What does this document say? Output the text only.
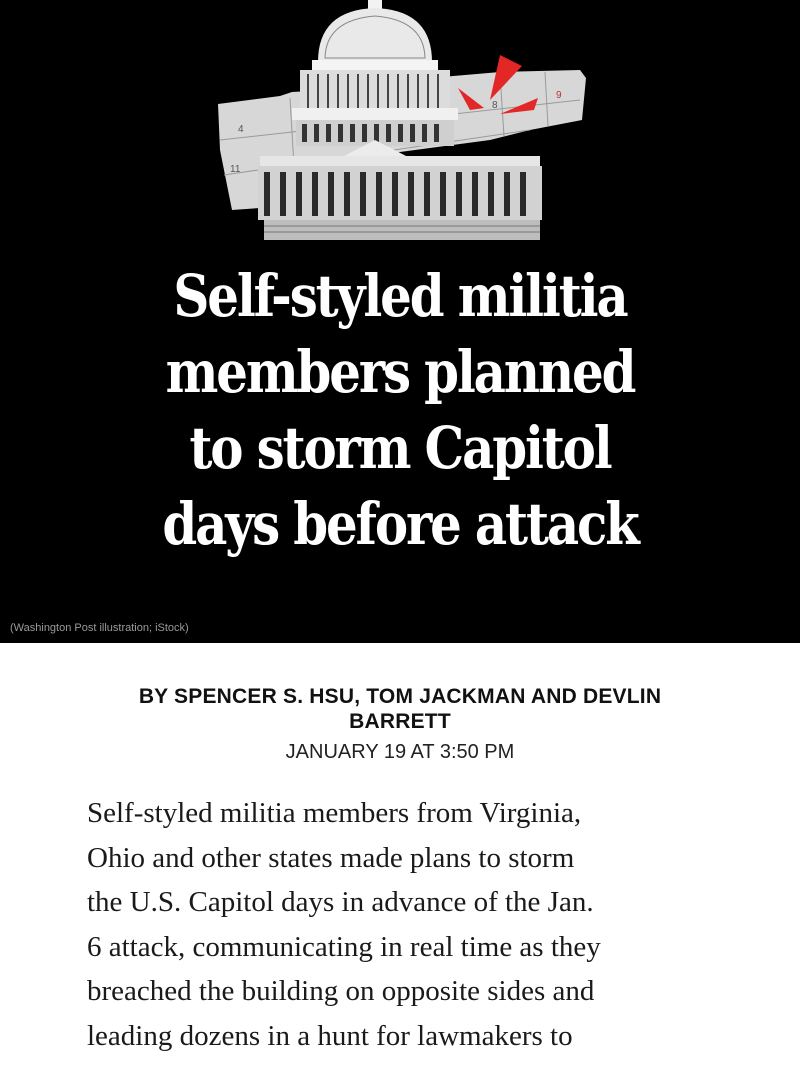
4
11
9
8
Self-styled militia
members planned
to storm Capitol
days before attack
(Washington Post illustration; iStock)
BY SPENCER S. HSU, TOM JACKMAN AND DEVLIN
BARRETT
JANUARY 19 AT 3:50 PM

Self-styled militia members from Virginia,
Ohio and other states made plans to storm
the U.S. Capitol days in advance of the Jan.
6 attack, communicating in real time as they
breached the building on opposite sides and
leading dozens in a hunt for lawmakers to
